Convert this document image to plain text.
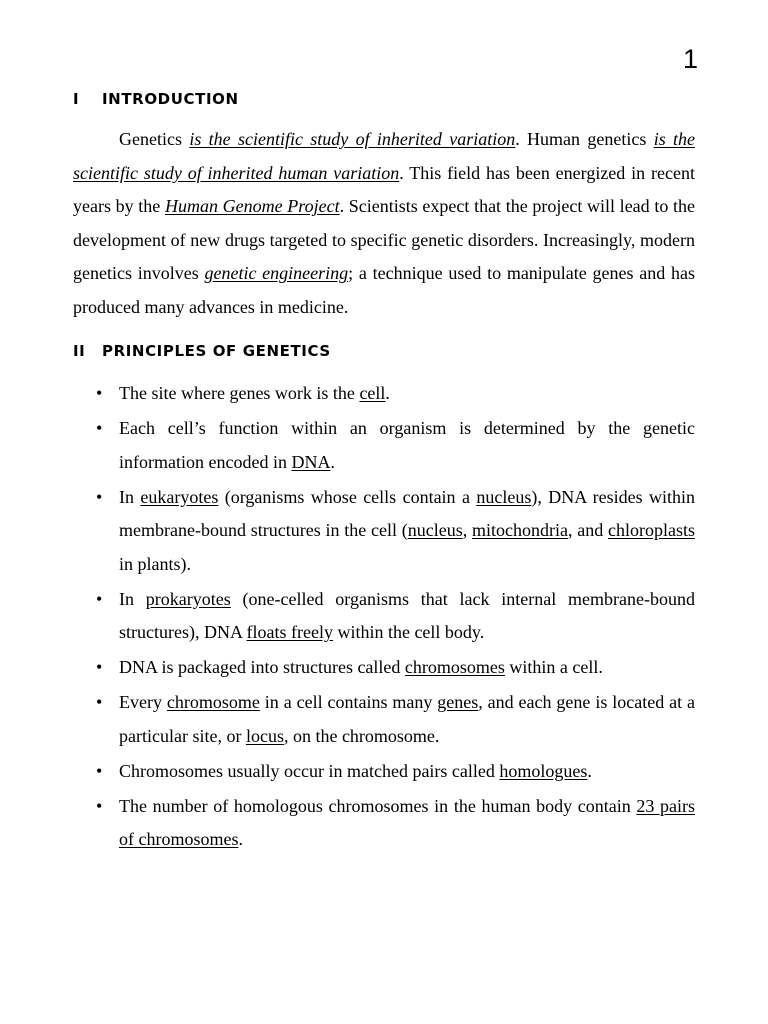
1
I INTRODUCTION

Genetics is the scientific study of inherited variation. Human genetics is the scientific study of inherited human variation. This field has been energized in recent years by the Human Genome Project. Scientists expect that the project will lead to the development of new drugs targeted to specific genetic disorders. Increasingly, modern genetics involves genetic engineering; a technique used to manipulate genes and has produced many advances in medicine.

II PRINCIPLES OF GENETICS
• The site where genes work is the cell.
• Each cell’s function within an organism is determined by the genetic information encoded in DNA.
• In eukaryotes (organisms whose cells contain a nucleus), DNA resides within membrane-bound structures in the cell (nucleus, mitochondria, and chloroplasts in plants).
• In prokaryotes (one-celled organisms that lack internal membrane-bound structures), DNA floats freely within the cell body.
• DNA is packaged into structures called chromosomes within a cell.
• Every chromosome in a cell contains many genes, and each gene is located at a particular site, or locus, on the chromosome.
• Chromosomes usually occur in matched pairs called homologues.
• The number of homologous chromosomes in the human body contain 23 pairs of chromosomes.
